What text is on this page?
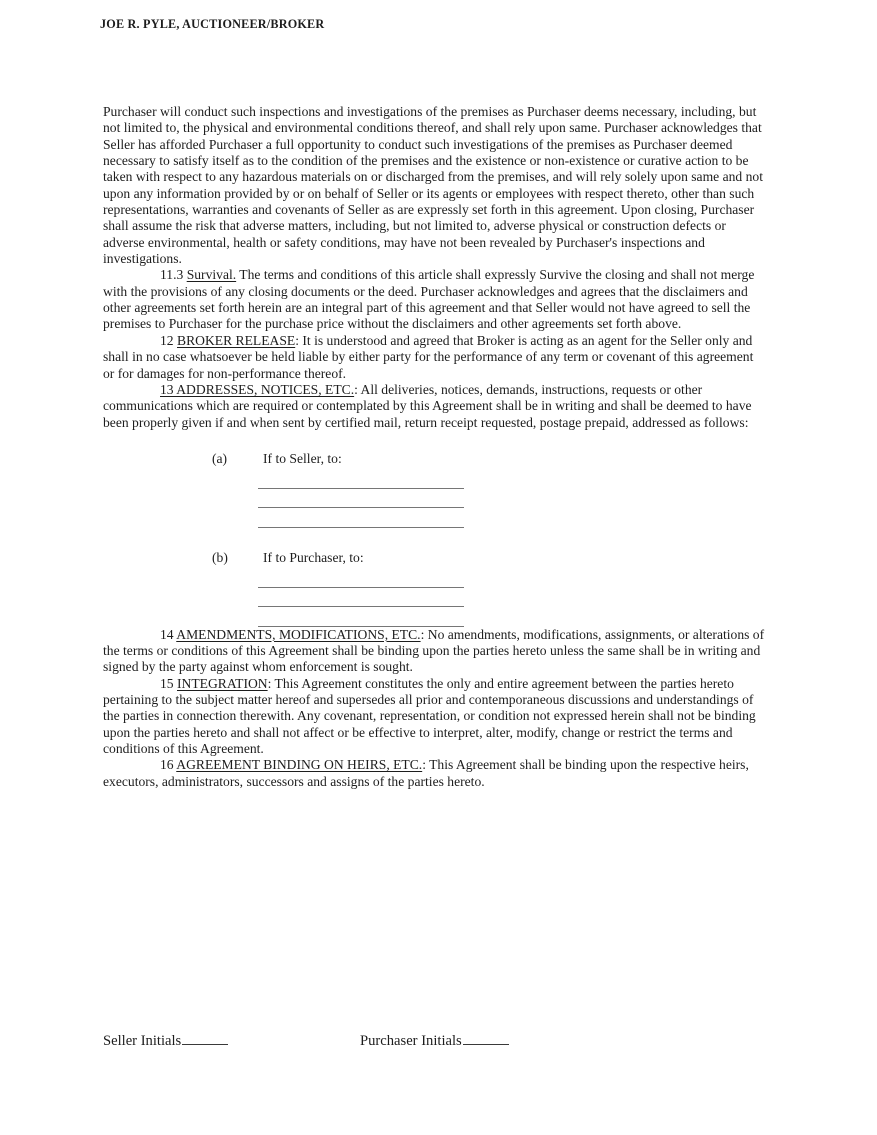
JOE R. PYLE, AUCTIONEER/BROKER

Purchaser will conduct such inspections and investigations of the premises as Purchaser deems necessary, including, but not limited to, the physical and environmental conditions thereof, and shall rely upon same. Purchaser acknowledges that Seller has afforded Purchaser a full opportunity to conduct such investigations of the premises as Purchaser deemed necessary to satisfy itself as to the condition of the premises and the existence or non-existence or curative action to be taken with respect to any hazardous materials on or discharged from the premises, and will rely solely upon same and not upon any information provided by or on behalf of Seller or its agents or employees with respect thereto, other than such representations, warranties and covenants of Seller as are expressly set forth in this agreement. Upon closing, Purchaser shall assume the risk that adverse matters, including, but not limited to, adverse physical or construction defects or adverse environmental, health or safety conditions, may have not been revealed by Purchaser's inspections and investigations.

11.3 Survival. The terms and conditions of this article shall expressly Survive the closing and shall not merge with the provisions of any closing documents or the deed. Purchaser acknowledges and agrees that the disclaimers and other agreements set forth herein are an integral part of this agreement and that Seller would not have agreed to sell the premises to Purchaser for the purchase price without the disclaimers and other agreements set forth above.

12 BROKER RELEASE: It is understood and agreed that Broker is acting as an agent for the Seller only and shall in no case whatsoever be held liable by either party for the performance of any term or covenant of this agreement or for damages for non-performance thereof.

13 ADDRESSES, NOTICES, ETC.: All deliveries, notices, demands, instructions, requests or other communications which are required or contemplated by this Agreement shall be in writing and shall be deemed to have been properly given if and when sent by certified mail, return receipt requested, postage prepaid, addressed as follows:

(a)	If to Seller, to:
(b)	If to Purchaser, to:

14 AMENDMENTS, MODIFICATIONS, ETC.: No amendments, modifications, assignments, or alterations of the terms or conditions of this Agreement shall be binding upon the parties hereto unless the same shall be in writing and signed by the party against whom enforcement is sought.

15 INTEGRATION: This Agreement constitutes the only and entire agreement between the parties hereto pertaining to the subject matter hereof and supersedes all prior and contemporaneous discussions and understandings of the parties in connection therewith. Any covenant, representation, or condition not expressed herein shall not be binding upon the parties hereto and shall not affect or be effective to interpret, alter, modify, change or restrict the terms and conditions of this Agreement.

16 AGREEMENT BINDING ON HEIRS, ETC.: This Agreement shall be binding upon the respective heirs, executors, administrators, successors and assigns of the parties hereto.

Seller Initials	Purchaser Initials
